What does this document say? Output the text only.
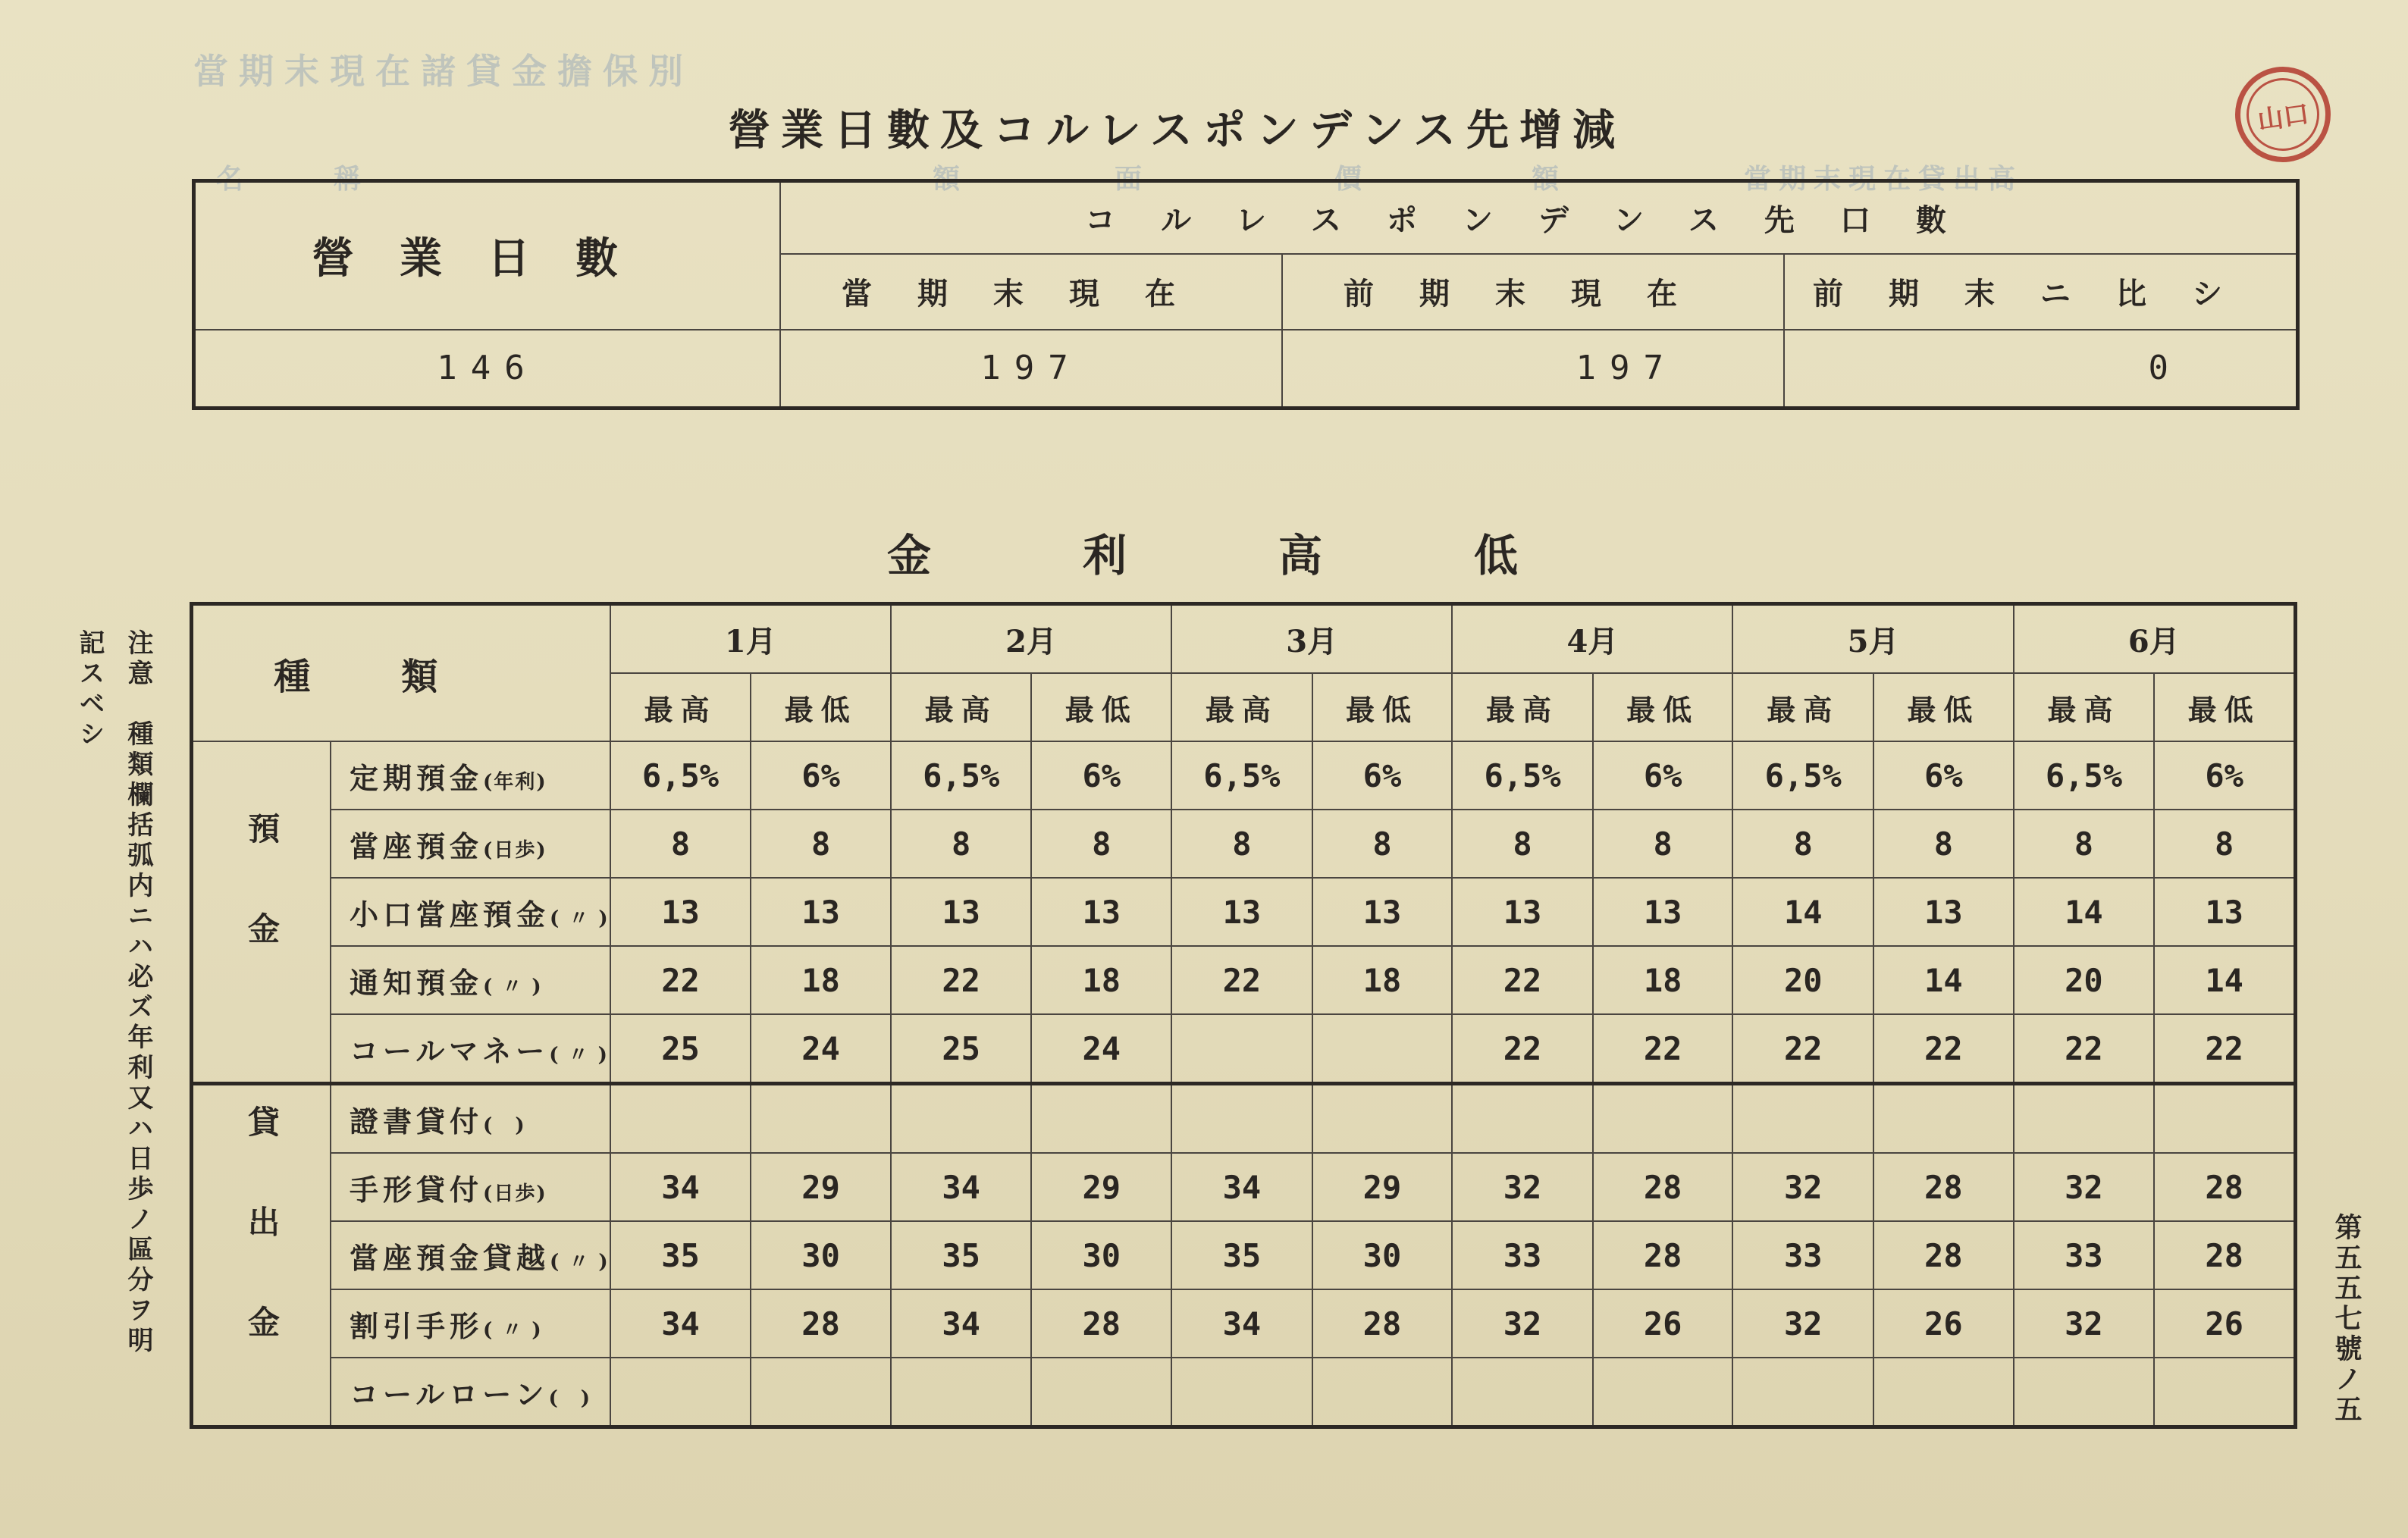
當期末現在諸貸金擔保別
名	稱	額	面	價	額	當期末現在貸出高
營業日數及コルレスポンデンス先增減	山口
注意　種類欄括弧内ニハ必ズ年利又ハ日歩ノ區分ヲ明記スベシ
第五五七號ノ五
營業日數	コルレスポンデンス先口數		
	當期末現在	前期末現在	前期末ニ比シ
146	197	197	0
金利高低
種類		1月		2月		3月		4月		5月		6月	
		最高	最低	最高	最低	最高	最低	最高	最低	最高	最低	最高	最低
預金	定期預金(年利)	6,5%	6%	6,5%	6%	6,5%	6%	6,5%	6%	6,5%	6%	6,5%	6%
	當座預金(日歩)	8	8	8	8	8	8	8	8	8	8	8	8
	小口當座預金( 〃 )	13	13	13	13	13	13	13	13	14	13	14	13
	通知預金( 〃 )	22	18	22	18	22	18	22	18	20	14	20	14
	コールマネー( 〃 )	25	24	25	24			22	22	22	22	22	22
貸出金	證書貸付(　)												
	手形貸付(日歩)	34	29	34	29	34	29	32	28	32	28	32	28
	當座預金貸越( 〃 )	35	30	35	30	35	30	33	28	33	28	33	28
	割引手形( 〃 )	34	28	34	28	34	28	32	26	32	26	32	26
	コールローン(　)												
